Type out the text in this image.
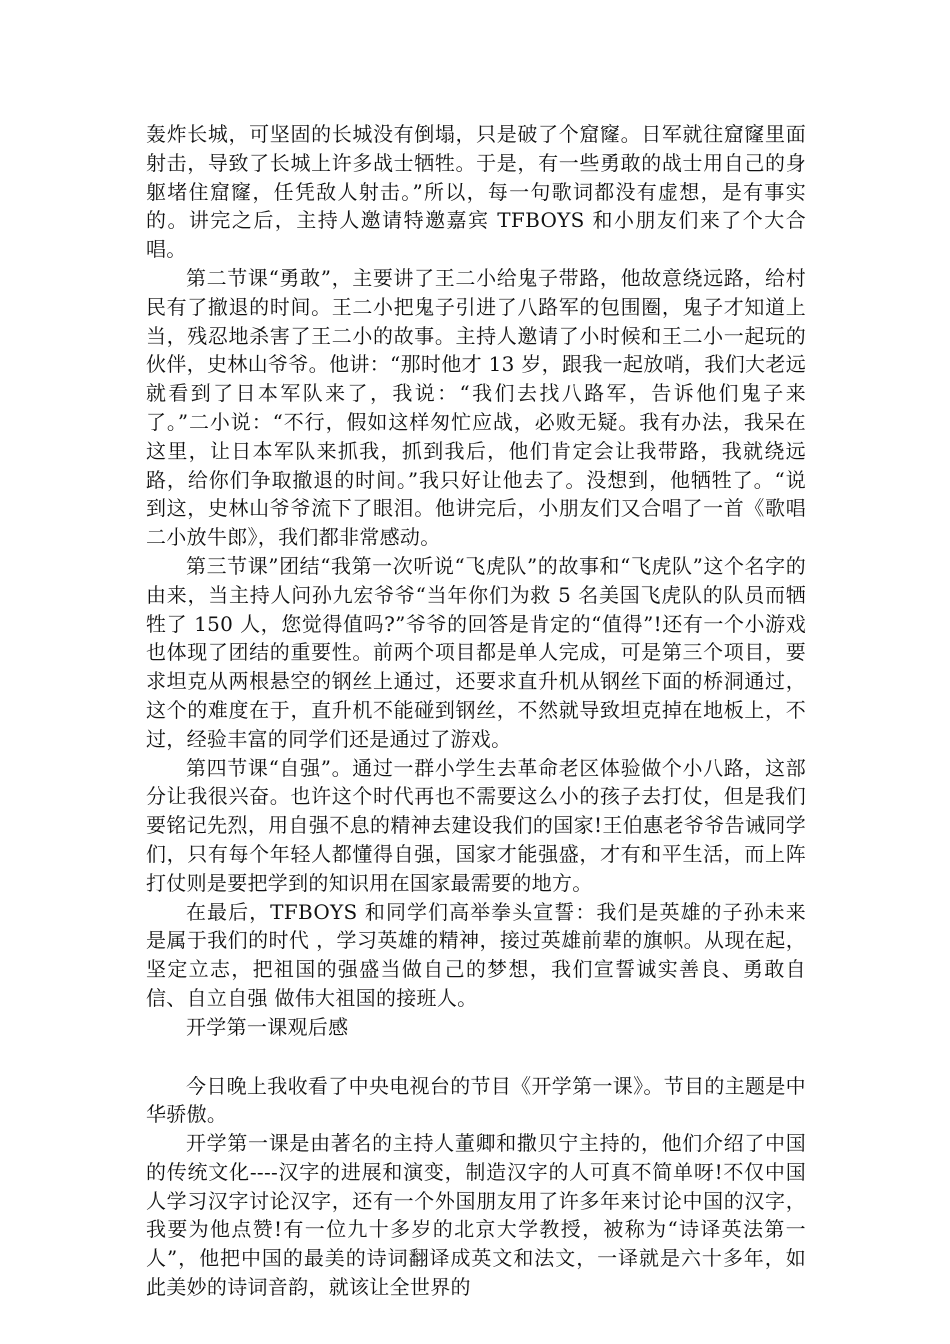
轰炸长城，可坚固的长城没有倒塌，只是破了个窟窿。日军就往窟窿里面射击，导致了长城上许多战士牺牲。于是，有一些勇敢的战士用自己的身躯堵住窟窿，任凭敌人射击。”所以，每一句歌词都没有虚想，是有事实的。讲完之后，主持人邀请特邀嘉宾 TFBOYS 和小朋友们来了个大合唱。

第二节课“勇敢”，主要讲了王二小给鬼子带路，他故意绕远路，给村民有了撤退的时间。王二小把鬼子引进了八路军的包围圈，鬼子才知道上当，残忍地杀害了王二小的故事。主持人邀请了小时候和王二小一起玩的伙伴，史林山爷爷。他讲：“那时他才 13 岁，跟我一起放哨，我们大老远就看到了日本军队来了，我说：“我们去找八路军，告诉他们鬼子来了。”二小说：“不行，假如这样匆忙应战，必败无疑。我有办法，我呆在这里，让日本军队来抓我，抓到我后，他们肯定会让我带路，我就绕远路，给你们争取撤退的时间。”我只好让他去了。没想到，他牺牲了。“说到这，史林山爷爷流下了眼泪。他讲完后，小朋友们又合唱了一首《歌唱二小放牛郎》，我们都非常感动。

第三节课”团结“我第一次听说“飞虎队”的故事和“飞虎队”这个名字的由来，当主持人问孙九宏爷爷“当年你们为救 5 名美国飞虎队的队员而牺牲了 150 人，您觉得值吗?”爷爷的回答是肯定的“值得”!还有一个小游戏也体现了团结的重要性。前两个项目都是单人完成，可是第三个项目，要求坦克从两根悬空的钢丝上通过，还要求直升机从钢丝下面的桥洞通过，这个的难度在于，直升机不能碰到钢丝，不然就导致坦克掉在地板上，不过，经验丰富的同学们还是通过了游戏。

第四节课“自强”。通过一群小学生去革命老区体验做个小八路，这部分让我很兴奋。也许这个时代再也不需要这么小的孩子去打仗，但是我们要铭记先烈，用自强不息的精神去建设我们的国家!王伯惠老爷爷告诫同学们，只有每个年轻人都懂得自强，国家才能强盛，才有和平生活，而上阵打仗则是要把学到的知识用在国家最需要的地方。

在最后，TFBOYS 和同学们高举拳头宣誓：我们是英雄的子孙未来是属于我们的时代 ，学习英雄的精神，接过英雄前辈的旗帜。从现在起，坚定立志，把祖国的强盛当做自己的梦想，我们宣誓诚实善良、勇敢自信、自立自强 做伟大祖国的接班人。

开学第一课观后感

今日晚上我收看了中央电视台的节目《开学第一课》。节目的主题是中华骄傲。

开学第一课是由著名的主持人董卿和撒贝宁主持的，他们介绍了中国的传统文化----汉字的进展和演变，制造汉字的人可真不简单呀!不仅中国人学习汉字讨论汉字，还有一个外国朋友用了许多年来讨论中国的汉字，我要为他点赞!有一位九十多岁的北京大学教授，被称为“诗译英法第一人”，他把中国的最美的诗词翻译成英文和法文，一译就是六十多年，如此美妙的诗词音韵，就该让全世界的
